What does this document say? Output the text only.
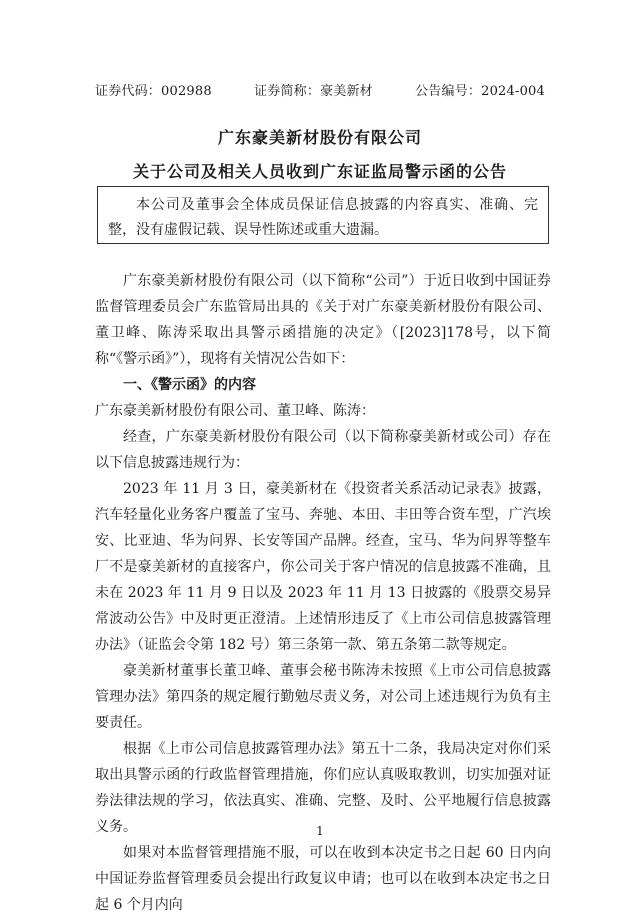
证券代码：002988	证券简称：豪美新材	公告编号：2024-004
广东豪美新材股份有限公司
关于公司及相关人员收到广东证监局警示函的公告
本公司及董事会全体成员保证信息披露的内容真实、准确、完整，没有虚假记载、误导性陈述或重大遗漏。

广东豪美新材股份有限公司（以下简称“公司”）于近日收到中国证券监督管理委员会广东监管局出具的《关于对广东豪美新材股份有限公司、董卫峰、陈涛采取出具警示函措施的决定》（[2023]178号，以下简称“《警示函》”），现将有关情况公告如下：

一、《警示函》的内容

广东豪美新材股份有限公司、董卫峰、陈涛：

经查，广东豪美新材股份有限公司（以下简称豪美新材或公司）存在以下信息披露违规行为：

2023 年 11 月 3 日，豪美新材在《投资者关系活动记录表》披露，汽车轻量化业务客户覆盖了宝马、奔驰、本田、丰田等合资车型，广汽埃安、比亚迪、华为问界、长安等国产品牌。经查，宝马、华为问界等整车厂不是豪美新材的直接客户，你公司关于客户情况的信息披露不准确，且未在 2023 年 11 月 9 日以及 2023 年 11 月 13 日披露的《股票交易异常波动公告》中及时更正澄清。上述情形违反了《上市公司信息披露管理办法》（证监会令第 182 号）第三条第一款、第五条第二款等规定。

豪美新材董事长董卫峰、董事会秘书陈涛未按照《上市公司信息披露管理办法》第四条的规定履行勤勉尽责义务，对公司上述违规行为负有主要责任。

根据《上市公司信息披露管理办法》第五十二条，我局决定对你们采取出具警示函的行政监督管理措施，你们应认真吸取教训，切实加强对证券法律法规的学习，依法真实、准确、完整、及时、公平地履行信息披露义务。

如果对本监督管理措施不服，可以在收到本决定书之日起 60 日内向中国证券监督管理委员会提出行政复议申请；也可以在收到本决定书之日起 6 个月内向

1
